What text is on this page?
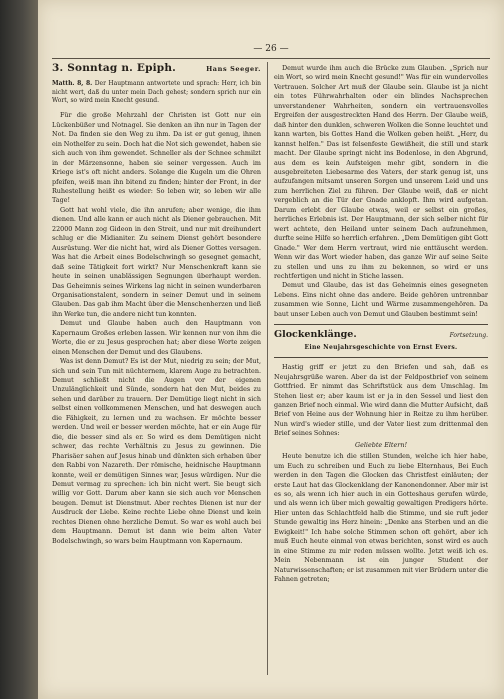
— 26 —
3. Sonntag n. Epiph.	Hans Seeger.

Matth. 8, 8. Der Hauptmann antwortete und sprach: Herr, ich bin nicht wert, daß du unter mein Dach gehest; sondern sprich nur ein Wort, so wird mein Knecht gesund.

Für die große Mehrzahl der Christen ist Gott nur ein Lückenbüßer und Notnagel. Sie denken an ihn nur in Tagen der Not. Da finden sie den Weg zu ihm. Da ist er gut genug, ihnen ein Nothelfer zu sein. Doch hat die Not sich gewendet, haben sie sich auch von ihm gewendet. Schneller als der Schnee schmilzt in der Märzensonne, haben sie seiner vergessen. Auch im Kriege ist's oft nicht anders. Solange die Kugeln um die Ohren pfeifen, weiß man ihn bitend zu finden; hinter der Front, in der Ruhestellung heißt es wieder: So leben wir, so leben wir alle Tage!

Gott hat wohl viele, die ihn anrufen; aber wenige, die ihm dienen. Und alle kann er auch nicht als Diener gebrauchen. Mit 22000 Mann zog Gideon in den Streit, und nur mit dreihundert schlug er die Midianiter. Zu seinem Dienst gehört besondere Ausrüstung. Wer die nicht hat, wird als Diener Gottes versagen. Was hat die Arbeit eines Bodelschwingh so gesegnet gemacht, daß seine Tätigkeit fort wirkt? Nur Menschenkraft kann sie heute in seinen unablässigen Segnungen überhaupt werden. Das Geheimnis seines Wirkens lag nicht in seinen wunderbaren Organisationstalent, sondern in seiner Demut und in seinem Glauben. Das gab ihm Macht über die Menschenherzen und ließ ihn Werke tun, die andere nicht tun konnten.

Demut und Glaube haben auch den Hauptmann von Kapernaum Großes erleben lassen. Wir kennen nur von ihm die Worte, die er zu Jesus gesprochen hat; aber diese Worte zeigen einen Menschen der Demut und des Glaubens.

Was ist denn Demut? Es ist der Mut, niedrig zu sein; der Mut, sich und sein Tun mit nüchternem, klarem Auge zu betrachten. Demut schließt nicht die Augen vor der eigenen Unzulänglichkeit und Sünde, sondern hat den Mut, beides zu sehen und darüber zu trauern. Der Demütige liegt nicht in sich selbst einen vollkommenen Menschen, und hat deswegen auch die Fähigkeit, zu lernen und zu wachsen. Er möchte besser werden. Und weil er besser werden möchte, hat er ein Auge für die, die besser sind als er. So wird es dem Demütigen nicht schwer, das rechte Verhältnis zu Jesus zu gewinnen. Die Pharisäer sahen auf Jesus hinab und dünkten sich erhaben über den Rabbi von Nazareth. Der römische, heidnische Hauptmann konnte, weil er demütigen Sinnes war, Jesus würdigen. Nur die Demut vermag zu sprechen: ich bin nicht wert. Sie beugt sich willig vor Gott. Darum aber kann sie sich auch vor Menschen beugen. Demut ist Dienstmut. Aber rechtes Dienen ist nur der Ausdruck der Liebe. Keine rechte Liebe ohne Dienst und kein rechtes Dienen ohne herzliche Demut. So war es wohl auch bei dem Hauptmann. Demut ist dann wie beim alten Vater Bodelschwingh, so wars beim Hauptmann von Kapernaum.

Demut wurde ihm auch die Brücke zum Glauben. „Sprich nur ein Wort, so wird mein Knecht gesund!" Was für ein wundervolles Vertrauen. Solcher Art muß der Glaube sein. Glaube ist ja nicht ein totes Führwahrhalten oder ein blindes Nachsprechen unverstandener Wahrheiten, sondern ein vertrauensvolles Ergreifen der ausgestreckten Hand des Herrn. Der Glaube weiß, daß hinter den dunklen, schweren Wolken die Sonne leuchtet und kann warten, bis Gottes Hand die Wolken geben heißt. „Herr, du kannst helfen." Das ist felsenfeste Gewißheit, die still und stark macht. Der Glaube springt nicht ins Bodenlose, in den Abgrund, aus dem es kein Aufsteigen mehr gibt, sondern in die ausgebreiteten Liebesarme des Vaters, der stark genug ist, uns aufzufangen mitsamt unseren Sorgen und unserem Leid und uns zum herrlichen Ziel zu führen. Der Glaube weiß, daß er nicht vergeblich an die Tür der Gnade anklopft. Ihm wird aufgetan. Darum erlebt der Glaube etwas, weil er selbst ein großes, herrliches Erlebnis ist. Der Hauptmann, der sich selber nicht für wert achtete, den Heiland unter seinem Dach aufzunehmen, durfte seine Hilfe so herrlich erfahren. „Dem Demütigen gibt Gott Gnade." Wer dem Herrn vertraut, wird nie enttäuscht werden. Wenn wir das Wort wieder haben, das ganze Wir auf seine Seite zu stellen und uns zu ihm zu bekennen, so wird er uns rechtfertigen und nicht in Stiche lassen.

Demut und Glaube, das ist das Geheimnis eines gesegneten Lebens. Eins nicht ohne das andere. Beide gehören untrennbar zusammen wie Sonne, Licht und Wärme zusammengehören. Da baut unser Leben auch von Demut und Glauben bestimmt sein!

Glockenklänge.	Fortsetzung.
Eine Neujahrsgeschichte von Ernst Evers.

Hastig griff er jetzt zu den Briefen und sah, daß es Neujahrsgrüße waren. Aber da ist der Feldpostbrief von seinem Gottfried. Er nimmt das Schriftstück aus dem Umschlag. Im Stehen liest er; aber kaum ist er ja in den Sessel und liest den ganzen Brief noch einmal. Wie wird dann die Mutter Aufsicht, daß Brief von Heine aus der Wohnung hier in Reitze zu ihm herüber. Nun wird's wieder stille, und der Vater liest zum drittenmal den Brief seines Sohnes:

Geliebte Eltern!

Heute benutze ich die stillen Stunden, welche ich hier habe, um Euch zu schreiben und Euch zu liebe Elternhaus, Bei Euch werden in den Tagen die Glocken das Christfest einläuten; der erste Laut hat das Glockenklang der Kanonendonner. Aber mir ist es so, als wenn ich hier auch in ein Gotteshaus gerufen würde, und als wenn ich über mich gewaltig gewaltigen Predigers hörte. Hier unten das Schlachtfeld halb die Stimme, und sie ruft jeder Stunde gewaltig ins Herz hinein: „Denke ans Sterben und an die Ewigkeit!" Ich habe solche Stimmen schon oft gehört, aber ich muß Euch heute einmal von etwas berichten, sonst wird es auch in eine Stimme zu mir reden müssen wollte. Jetzt weiß ich es. Mein Nebenmann ist ein junger Student der Naturwissenschaften; er ist zusammen mit vier Brüdern unter die Fahnen getreten;
